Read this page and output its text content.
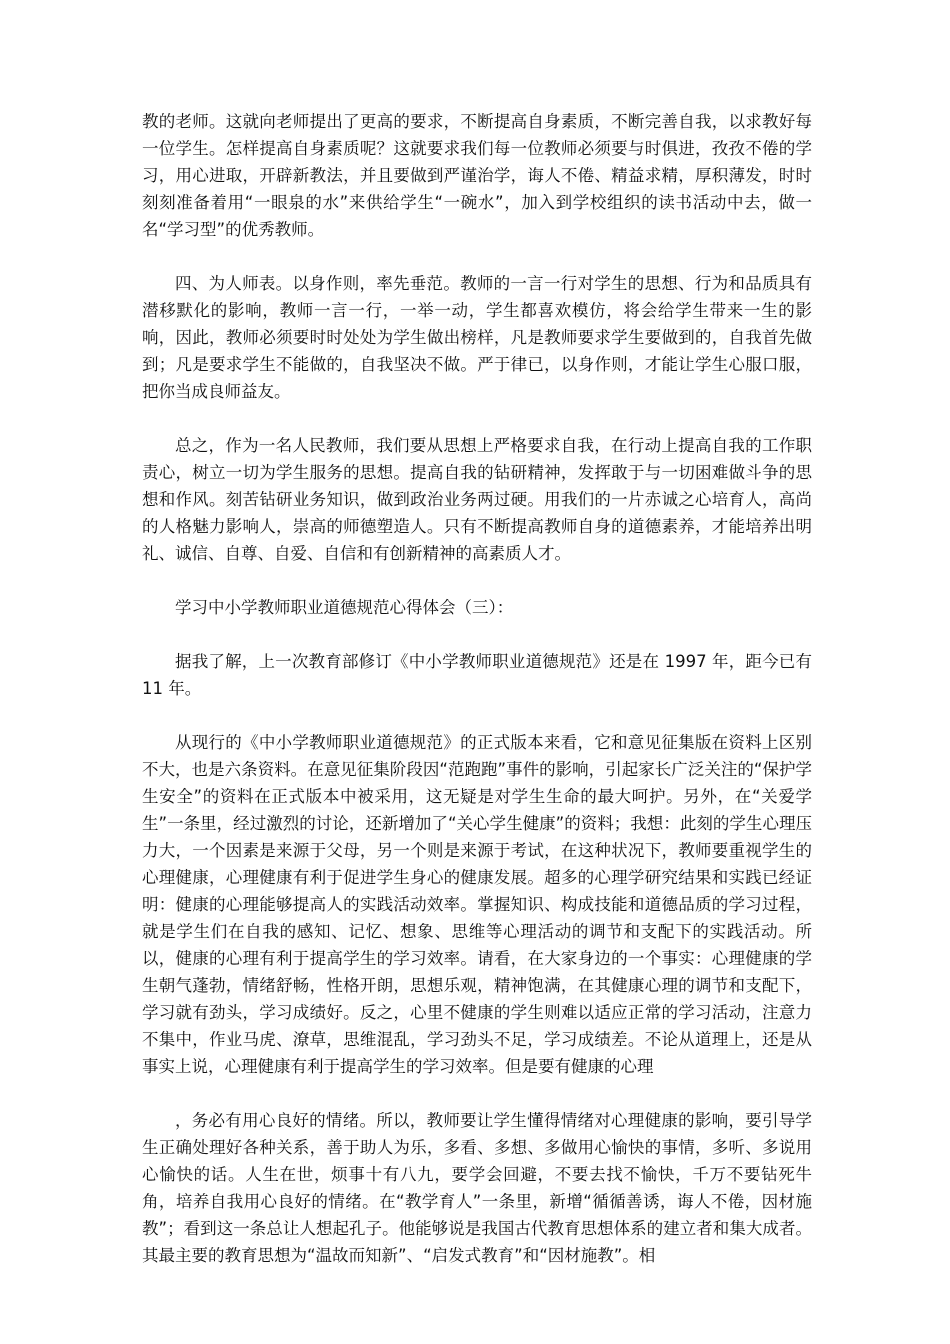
教的老师。这就向老师提出了更高的要求，不断提高自身素质，不断完善自我，以求教好每一位学生。怎样提高自身素质呢？这就要求我们每一位教师必须要与时俱进，孜孜不倦的学习，用心进取，开辟新教法，并且要做到严谨治学，诲人不倦、精益求精，厚积薄发，时时刻刻准备着用“一眼泉的水”来供给学生“一碗水”，加入到学校组织的读书活动中去，做一名“学习型”的优秀教师。

四、为人师表。以身作则，率先垂范。教师的一言一行对学生的思想、行为和品质具有潜移默化的影响，教师一言一行，一举一动，学生都喜欢模仿，将会给学生带来一生的影响，因此，教师必须要时时处处为学生做出榜样，凡是教师要求学生要做到的，自我首先做到；凡是要求学生不能做的，自我坚决不做。严于律已，以身作则，才能让学生心服口服，把你当成良师益友。

总之，作为一名人民教师，我们要从思想上严格要求自我，在行动上提高自我的工作职责心，树立一切为学生服务的思想。提高自我的钻研精神，发挥敢于与一切困难做斗争的思想和作风。刻苦钻研业务知识，做到政治业务两过硬。用我们的一片赤诚之心培育人，高尚的人格魅力影响人，崇高的师德塑造人。只有不断提高教师自身的道德素养，才能培养出明礼、诚信、自尊、自爱、自信和有创新精神的高素质人才。

学习中小学教师职业道德规范心得体会（三）：

据我了解，上一次教育部修订《中小学教师职业道德规范》还是在 1997 年，距今已有 11 年。

从现行的《中小学教师职业道德规范》的正式版本来看，它和意见征集版在资料上区别不大，也是六条资料。在意见征集阶段因“范跑跑”事件的影响，引起家长广泛关注的“保护学生安全”的资料在正式版本中被采用，这无疑是对学生生命的最大呵护。另外，在“关爱学生”一条里，经过激烈的讨论，还新增加了“关心学生健康”的资料；我想：此刻的学生心理压力大，一个因素是来源于父母，另一个则是来源于考试，在这种状况下，教师要重视学生的心理健康，心理健康有利于促进学生身心的健康发展。超多的心理学研究结果和实践已经证明：健康的心理能够提高人的实践活动效率。掌握知识、构成技能和道德品质的学习过程，就是学生们在自我的感知、记忆、想象、思维等心理活动的调节和支配下的实践活动。所以，健康的心理有利于提高学生的学习效率。请看，在大家身边的一个事实：心理健康的学生朝气蓬勃，情绪舒畅，性格开朗，思想乐观，精神饱满，在其健康心理的调节和支配下，学习就有劲头，学习成绩好。反之，心里不健康的学生则难以适应正常的学习活动，注意力不集中，作业马虎、潦草，思维混乱，学习劲头不足，学习成绩差。不论从道理上，还是从事实上说，心理健康有利于提高学生的学习效率。但是要有健康的心理

，务必有用心良好的情绪。所以，教师要让学生懂得情绪对心理健康的影响，要引导学生正确处理好各种关系，善于助人为乐，多看、多想、多做用心愉快的事情，多听、多说用心愉快的话。人生在世，烦事十有八九，要学会回避，不要去找不愉快，千万不要钻死牛角，培养自我用心良好的情绪。在“教学育人”一条里，新增“循循善诱，诲人不倦，因材施教”；看到这一条总让人想起孔子。他能够说是我国古代教育思想体系的建立者和集大成者。其最主要的教育思想为“温故而知新”、“启发式教育”和“因材施教”。相
